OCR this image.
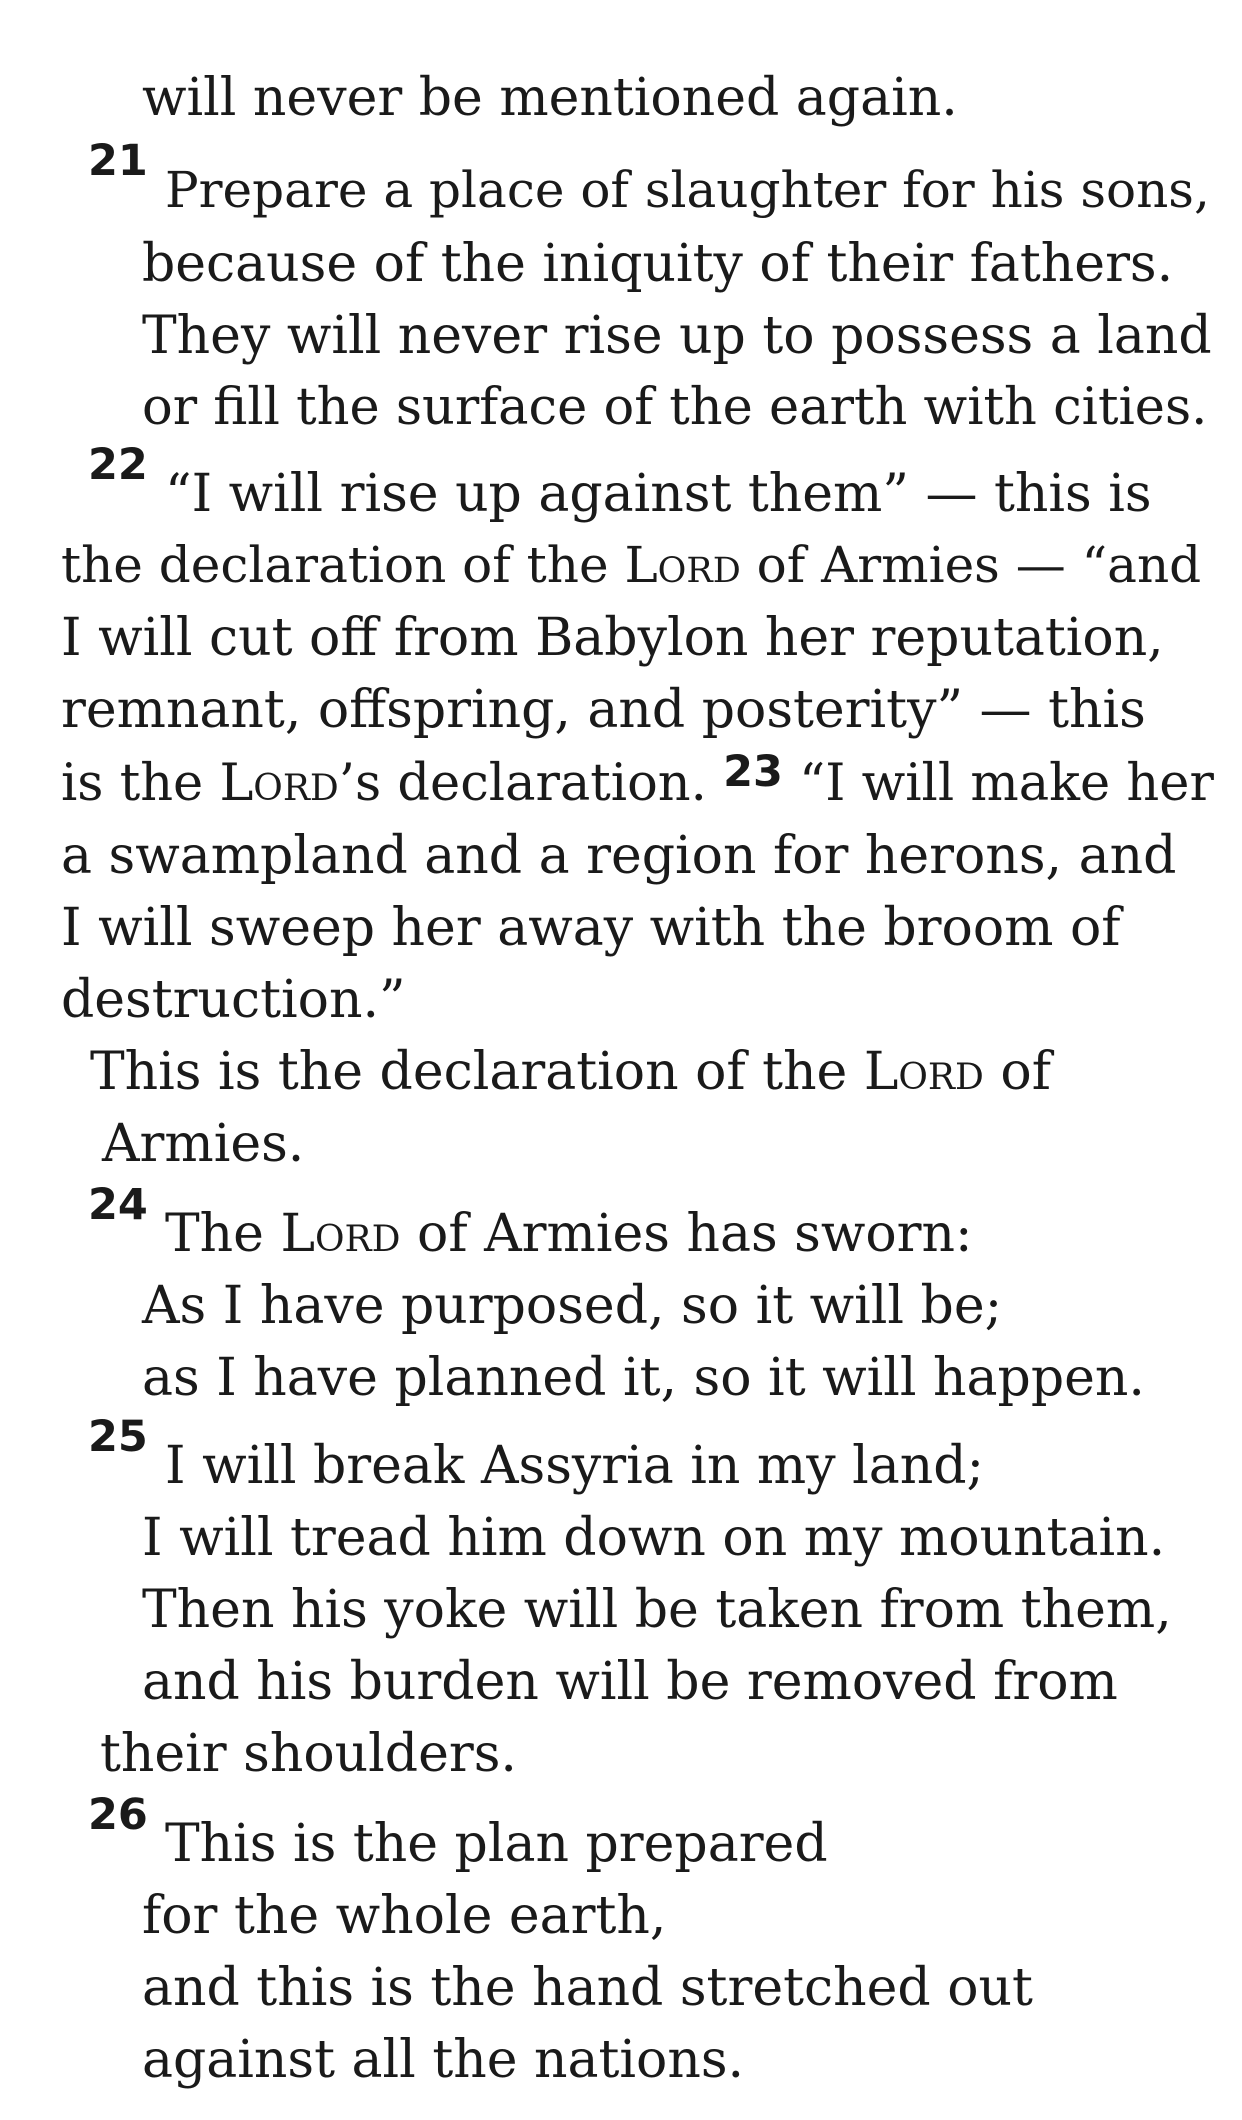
will never be mentioned again.
21 Prepare a place of slaughter for his sons,
because of the iniquity of their fathers.
They will never rise up to possess a land
or fill the surface of the earth with cities.
22 “I will rise up against them” — this is
the declaration of the Lord of Armies — “and
I will cut off from Babylon her reputation,
remnant, offspring, and posterity” — this
is the Lord’s declaration. $^{23}$ “I will make her
a swampland and a region for herons, and
I will sweep her away with the broom of
destruction.”
This is the declaration of the Lord of
Armies.
24 The Lord of Armies has sworn:
As I have purposed, so it will be;
as I have planned it, so it will happen.
25 I will break Assyria in my land;
I will tread him down on my mountain.
Then his yoke will be taken from them,
and his burden will be removed from
their shoulders.
26 This is the plan prepared
for the whole earth,
and this is the hand stretched out
against all the nations.
